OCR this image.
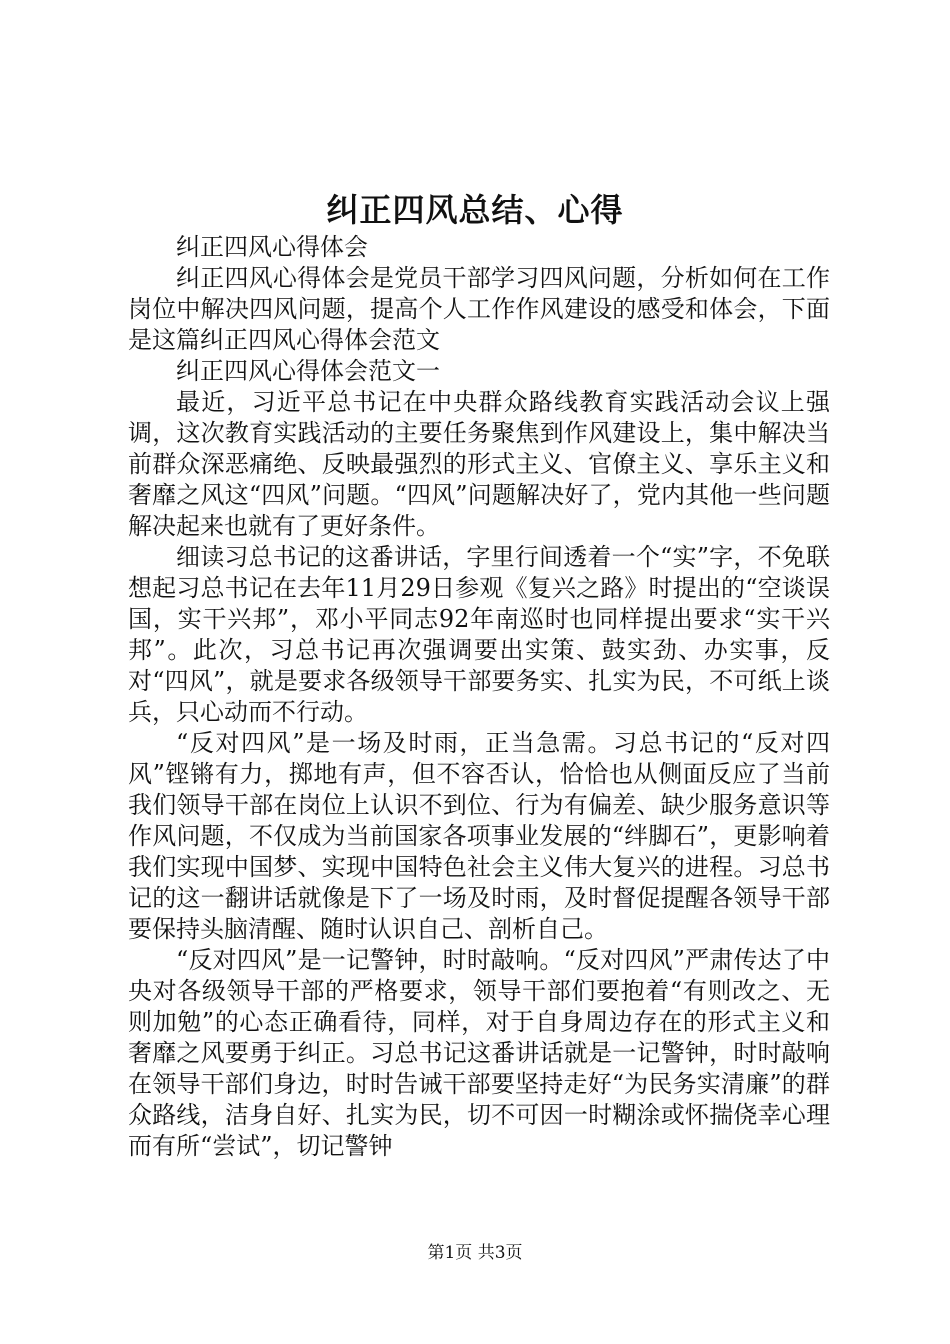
纠正四风总结、心得

纠正四风心得体会

纠正四风心得体会是党员干部学习四风问题，分析如何在工作岗位中解决四风问题，提高个人工作作风建设的感受和体会，下面是这篇纠正四风心得体会范文

纠正四风心得体会范文一

最近，习近平总书记在中央群众路线教育实践活动会议上强调，这次教育实践活动的主要任务聚焦到作风建设上，集中解决当前群众深恶痛绝、反映最强烈的形式主义、官僚主义、享乐主义和奢靡之风这“四风”问题。“四风”问题解决好了，党内其他一些问题解决起来也就有了更好条件。

细读习总书记的这番讲话，字里行间透着一个“实”字，不免联想起习总书记在去年11月29日参观《复兴之路》时提出的“空谈误国，实干兴邦”，邓小平同志92年南巡时也同样提出要求“实干兴邦”。此次，习总书记再次强调要出实策、鼓实劲、办实事，反对“四风”，就是要求各级领导干部要务实、扎实为民，不可纸上谈兵，只心动而不行动。

“反对四风”是一场及时雨，正当急需。习总书记的“反对四风”铿锵有力，掷地有声，但不容否认，恰恰也从侧面反应了当前我们领导干部在岗位上认识不到位、行为有偏差、缺少服务意识等作风问题，不仅成为当前国家各项事业发展的“绊脚石”，更影响着我们实现中国梦、实现中国特色社会主义伟大复兴的进程。习总书记的这一翻讲话就像是下了一场及时雨，及时督促提醒各领导干部要保持头脑清醒、随时认识自己、剖析自己。

“反对四风”是一记警钟，时时敲响。“反对四风”严肃传达了中央对各级领导干部的严格要求，领导干部们要抱着“有则改之、无则加勉”的心态正确看待，同样，对于自身周边存在的形式主义和奢靡之风要勇于纠正。习总书记这番讲话就是一记警钟，时时敲响在领导干部们身边，时时告诫干部要坚持走好“为民务实清廉”的群众路线，洁身自好、扎实为民，切不可因一时糊涂或怀揣侥幸心理而有所“尝试”，切记警钟

第1页 共3页
